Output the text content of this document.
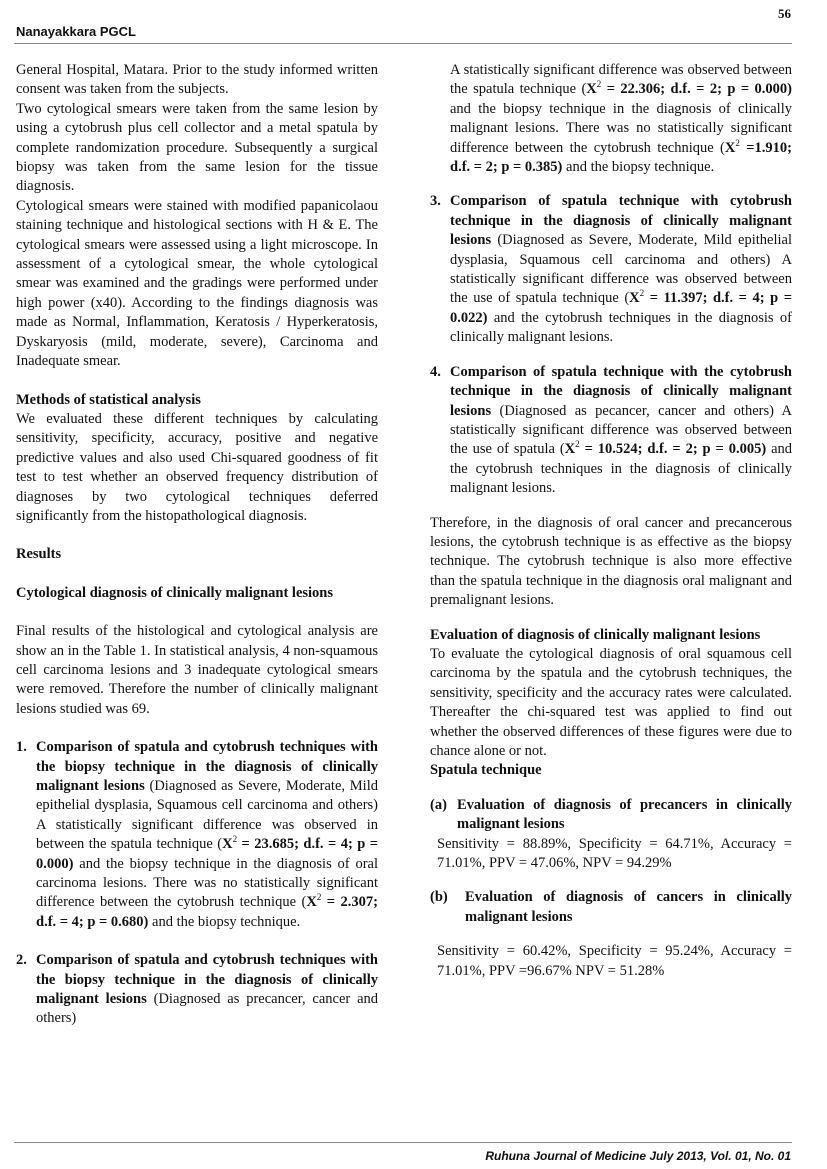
56
Nanayakkara PGCL

General Hospital, Matara. Prior to the study informed written consent was taken from the subjects.

Two cytological smears were taken from the same lesion by using a cytobrush plus cell collector and a metal spatula by complete randomization procedure. Subsequently a surgical biopsy was taken from the same lesion for the tissue diagnosis.

Cytological smears were stained with modified papanicolaou staining technique and histological sections with H & E. The cytological smears were assessed using a light microscope. In assessment of a cytological smear, the whole cytological smear was examined and the gradings were performed under high power (x40). According to the findings diagnosis was made as Normal, Inflammation, Keratosis / Hyperkeratosis, Dyskaryosis (mild, moderate, severe), Carcinoma and Inadequate smear.

Methods of statistical analysis

We evaluated these different techniques by calculating sensitivity, specificity, accuracy, positive and negative predictive values and also used Chi-squared goodness of fit test to test whether an observed frequency distribution of diagnoses by two cytological techniques deferred significantly from the histopathological diagnosis.

Results

Cytological diagnosis of clinically malignant lesions

Final results of the histological and cytological analysis are show an in the Table 1. In statistical analysis, 4 non-squamous cell carcinoma lesions and 3 inadequate cytological smears were removed. Therefore the number of clinically malignant lesions studied was 69.

1. Comparison of spatula and cytobrush techniques with the biopsy technique in the diagnosis of clinically malignant lesions (Diagnosed as Severe, Moderate, Mild epithelial dysplasia, Squamous cell carcinoma and others) A statistically significant difference was observed in between the spatula technique ($X^2 = 23.685$; d.f. = 4; p = 0.000) and the biopsy technique in the diagnosis of oral carcinoma lesions. There was no statistically significant difference between the cytobrush technique ($X^2 = 2.307$; d.f. = 4; p = 0.680) and the biopsy technique.
2. Comparison of spatula and cytobrush techniques with the biopsy technique in the diagnosis of clinically malignant lesions (Diagnosed as precancer, cancer and others)
A statistically significant difference was observed between the spatula technique ($X^2 = 22.306$; d.f. = 2; p = 0.000) and the biopsy technique in the diagnosis of clinically malignant lesions. There was no statistically significant difference between the cytobrush technique ($X^2 =1.910$; d.f. = 2; p = 0.385) and the biopsy technique.
3. Comparison of spatula technique with cytobrush technique in the diagnosis of clinically malignant lesions (Diagnosed as Severe, Moderate, Mild epithelial dysplasia, Squamous cell carcinoma and others) A statistically significant difference was observed between the use of spatula technique ($X^2 = 11.397$; d.f. = 4; p = 0.022) and the cytobrush techniques in the diagnosis of clinically malignant lesions.
4. Comparison of spatula technique with the cytobrush technique in the diagnosis of clinically malignant lesions (Diagnosed as pecancer, cancer and others) A statistically significant difference was observed between the use of spatula ($X^2 = 10.524$; d.f. = 2; p = 0.005) and the cytobrush techniques in the diagnosis of clinically malignant lesions.

Therefore, in the diagnosis of oral cancer and precancerous lesions, the cytobrush technique is as effective as the biopsy technique. The cytobrush technique is also more effective than the spatula technique in the diagnosis oral malignant and premalignant lesions.

Evaluation of diagnosis of clinically malignant lesions

To evaluate the cytological diagnosis of oral squamous cell carcinoma by the spatula and the cytobrush techniques, the sensitivity, specificity and the accuracy rates were calculated. Thereafter the chi-squared test was applied to find out whether the observed differences of these figures were due to chance alone or not.

Spatula technique

(a) Evaluation of diagnosis of precancers in clinically malignant lesions

Sensitivity = 88.89%, Specificity = 64.71%, Accuracy = 71.01%, PPV = 47.06%, NPV = 94.29%

(b)	Evaluation of diagnosis of cancers in clinically malignant lesions

Sensitivity = 60.42%, Specificity = 95.24%, Accuracy = 71.01%, PPV =96.67% NPV = 51.28%

Ruhuna Journal of Medicine July 2013, Vol. 01, No. 01
